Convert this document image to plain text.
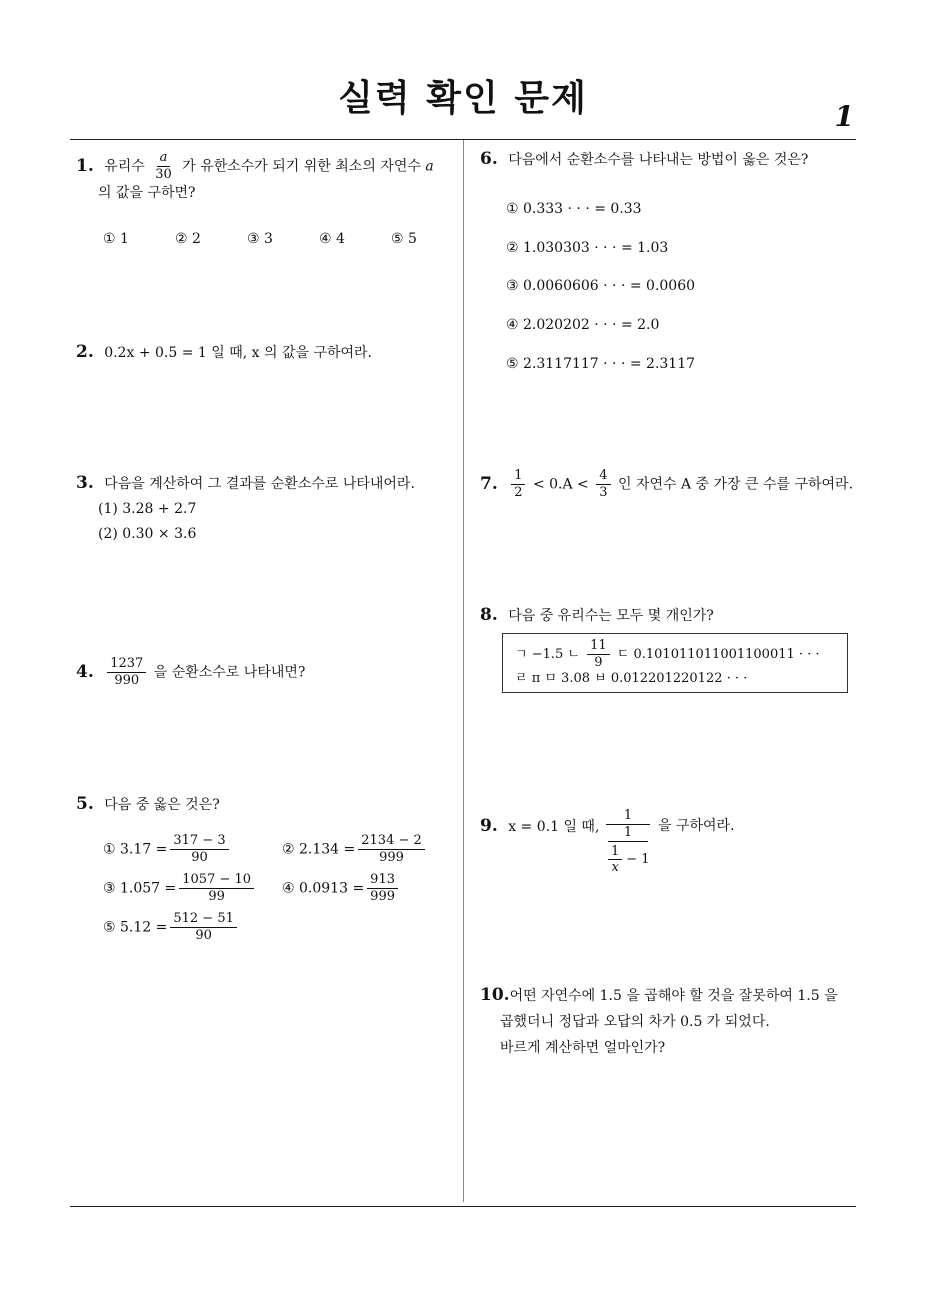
실력 확인 문제	1
1. 유리수 $\frac{a}{30}$ 가 유한소수가 되기 위한 최소의 자연수 a
의 값을 구하면?
① 1	② 2	③ 3	④ 4	⑤ 5
2. 0.2x + 0.5 = 1 일 때, x 의 값을 구하여라.
3. 다음을 계산하여 그 결과를 순환소수로 나타내어라.
(1) 3.28 + 2.7
(2) 0.30 × 3.6
4. $\frac{1237}{990}$ 을 순환소수로 나타내면?
5. 다음 중 옳은 것은?
① $3.17 = \frac{317 - 3}{90}$	② $2.134 = \frac{2134 - 2}{999}$
③ $1.057 = \frac{1057 - 10}{99}$ ④ $0.0913 = \frac{913}{999}$
⑤ $5.12 = \frac{512 - 51}{90}$
6. 다음에서 순환소수를 나타내는 방법이 옳은 것은?
① 0.333 · · · = 0.33
② 1.030303 · · · = 1.03
③ 0.0060606 · · · = 0.0060
④ 2.020202 · · · = 2.0
⑤ 2.3117117 · · · = 2.3117
7. $\frac{1}{2} < 0.A < \frac{4}{3}$ 인 자연수 A 중 가장 큰 수를 구하여라.
8. 다음 중 유리수는 모두 몇 개인가?
ㄱ −1.5 ㄴ $\frac{11}{9}$ ㄷ 0.101011011001100011 · · ·
ㄹ π ㅁ 3.08 ㅂ 0.012201220122 · · ·
9. x = 0.1 일 때,
1
1
1
x
− 1
을 구하여라.
10.어떤 자연수에 1.5 을 곱해야 할 것을 잘못하여 1.5 을
곱했더니 정답과 오답의 차가 0.5 가 되었다.
바르게 계산하면 얼마인가?
